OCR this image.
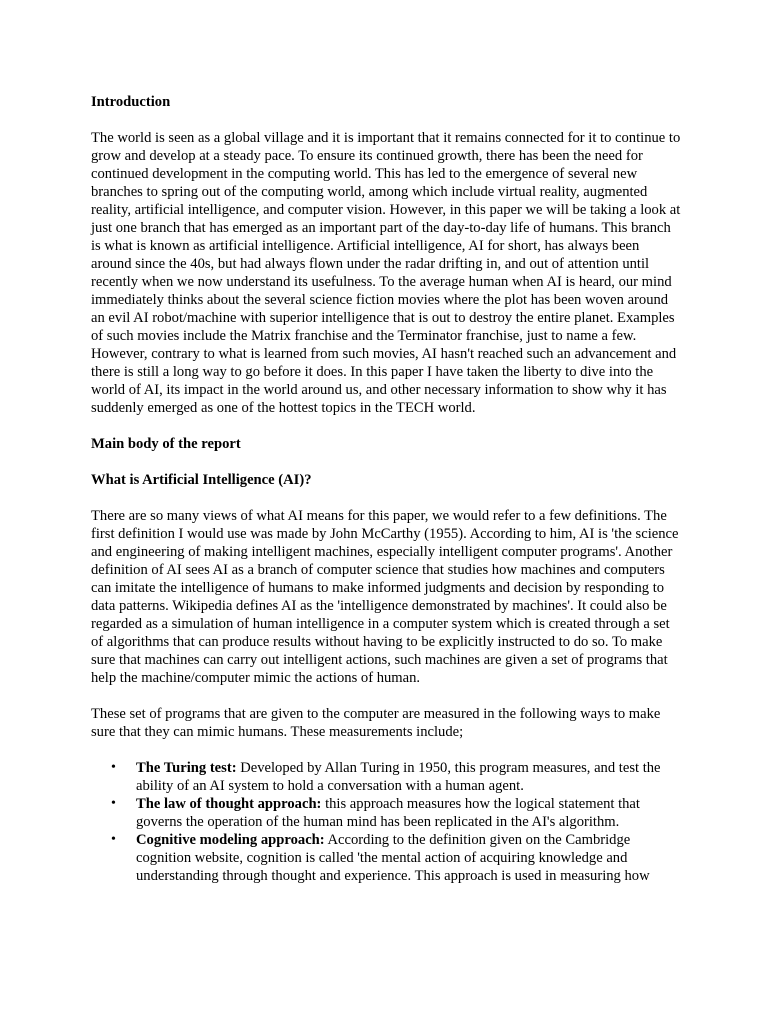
Introduction

The world is seen as a global village and it is important that it remains connected for it to continue to grow and develop at a steady pace. To ensure its continued growth, there has been the need for continued development in the computing world. This has led to the emergence of several new branches to spring out of the computing world, among which include virtual reality, augmented reality, artificial intelligence, and computer vision. However, in this paper we will be taking a look at just one branch that has emerged as an important part of the day-to-day life of humans. This branch is what is known as artificial intelligence. Artificial intelligence, AI for short, has always been around since the 40s, but had always flown under the radar drifting in, and out of attention until recently when we now understand its usefulness. To the average human when AI is heard, our mind immediately thinks about the several science fiction movies where the plot has been woven around an evil AI robot/machine with superior intelligence that is out to destroy the entire planet. Examples of such movies include the Matrix franchise and the Terminator franchise, just to name a few. However, contrary to what is learned from such movies, AI hasn't reached such an advancement and there is still a long way to go before it does. In this paper I have taken the liberty to dive into the world of AI, its impact in the world around us, and other necessary information to show why it has suddenly emerged as one of the hottest topics in the TECH world.

Main body of the report

What is Artificial Intelligence (AI)?

There are so many views of what AI means for this paper, we would refer to a few definitions. The first definition I would use was made by John McCarthy (1955). According to him, AI is 'the science and engineering of making intelligent machines, especially intelligent computer programs'. Another definition of AI sees AI as a branch of computer science that studies how machines and computers can imitate the intelligence of humans to make informed judgments and decision by responding to data patterns. Wikipedia defines AI as the 'intelligence demonstrated by machines'. It could also be regarded as a simulation of human intelligence in a computer system which is created through a set of algorithms that can produce results without having to be explicitly instructed to do so. To make sure that machines can carry out intelligent actions, such machines are given a set of programs that help the machine/computer mimic the actions of human.

These set of programs that are given to the computer are measured in the following ways to make sure that they can mimic humans. These measurements include;

• The Turing test: Developed by Allan Turing in 1950, this program measures, and test the ability of an AI system to hold a conversation with a human agent.
• The law of thought approach: this approach measures how the logical statement that governs the operation of the human mind has been replicated in the AI's algorithm.
• Cognitive modeling approach: According to the definition given on the Cambridge cognition website, cognition is called 'the mental action of acquiring knowledge and understanding through thought and experience. This approach is used in measuring how
